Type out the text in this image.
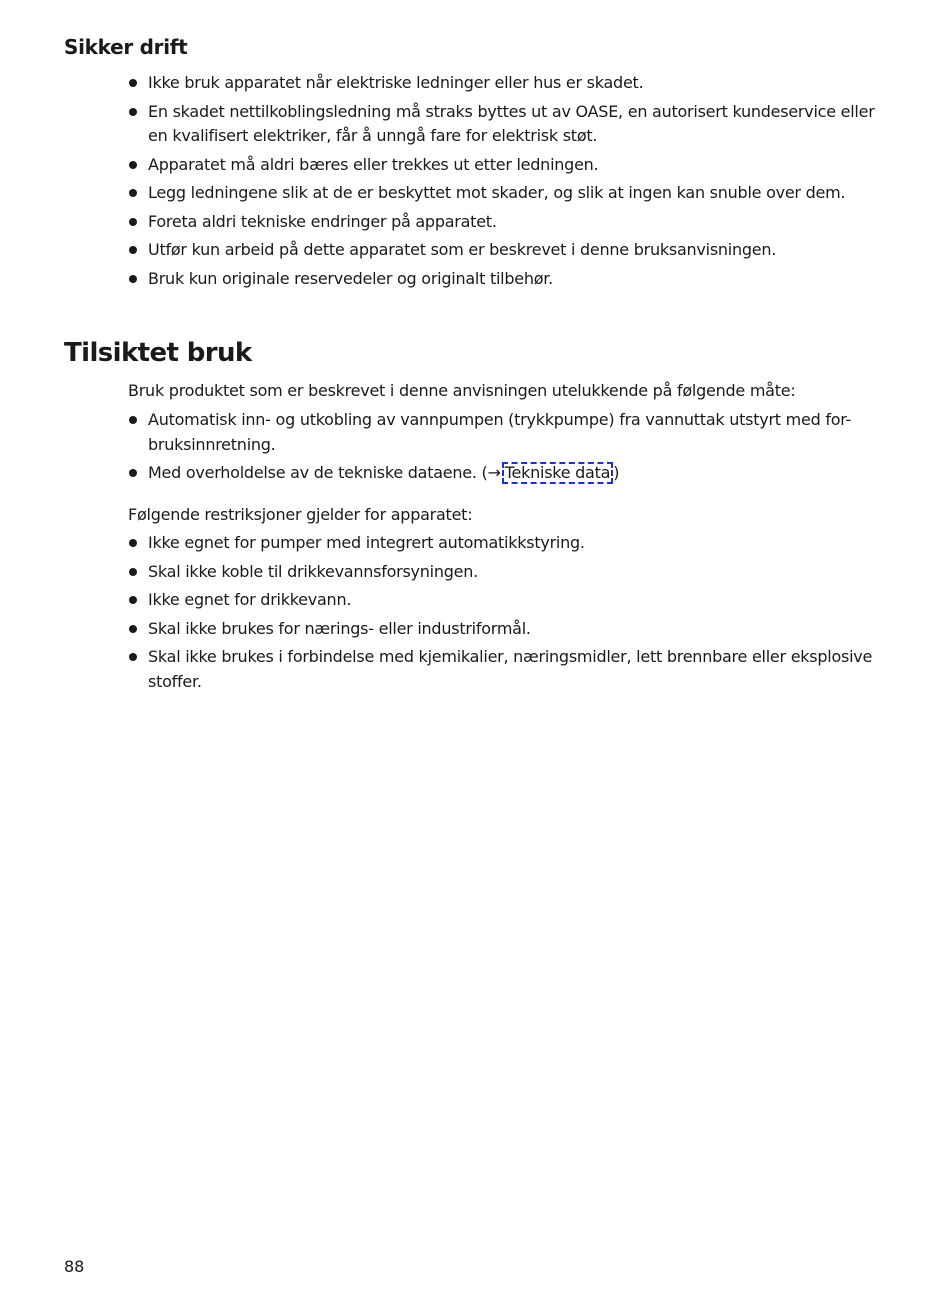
Sikker drift
Ikke bruk apparatet når elektriske ledninger eller hus er skadet.
En skadet nettilkoblingsledning må straks byttes ut av OASE, en autorisert kundeservice eller en kvalifisert elektriker, får å unngå fare for elektrisk støt.
Apparatet må aldri bæres eller trekkes ut etter ledningen.
Legg ledningene slik at de er beskyttet mot skader, og slik at ingen kan snuble over dem.
Foreta aldri tekniske endringer på apparatet.
Utfør kun arbeid på dette apparatet som er beskrevet i denne bruksanvisningen.
Bruk kun originale reservedeler og originalt tilbehør.
Tilsiktet bruk

Bruk produktet som er beskrevet i denne anvisningen utelukkende på følgende måte:

Automatisk inn- og utkobling av vannpumpen (trykkpumpe) fra vannuttak utstyrt med for-bruksinnretning.
Med overholdelse av de tekniske dataene. (→ Tekniske data )

Følgende restriksjoner gjelder for apparatet:

Ikke egnet for pumper med integrert automatikkstyring.
Skal ikke koble til drikkevannsforsyningen.
Ikke egnet for drikkevann.
Skal ikke brukes for nærings- eller industriformål.
Skal ikke brukes i forbindelse med kjemikalier, næringsmidler, lett brennbare eller eksplosive stoffer.

88
